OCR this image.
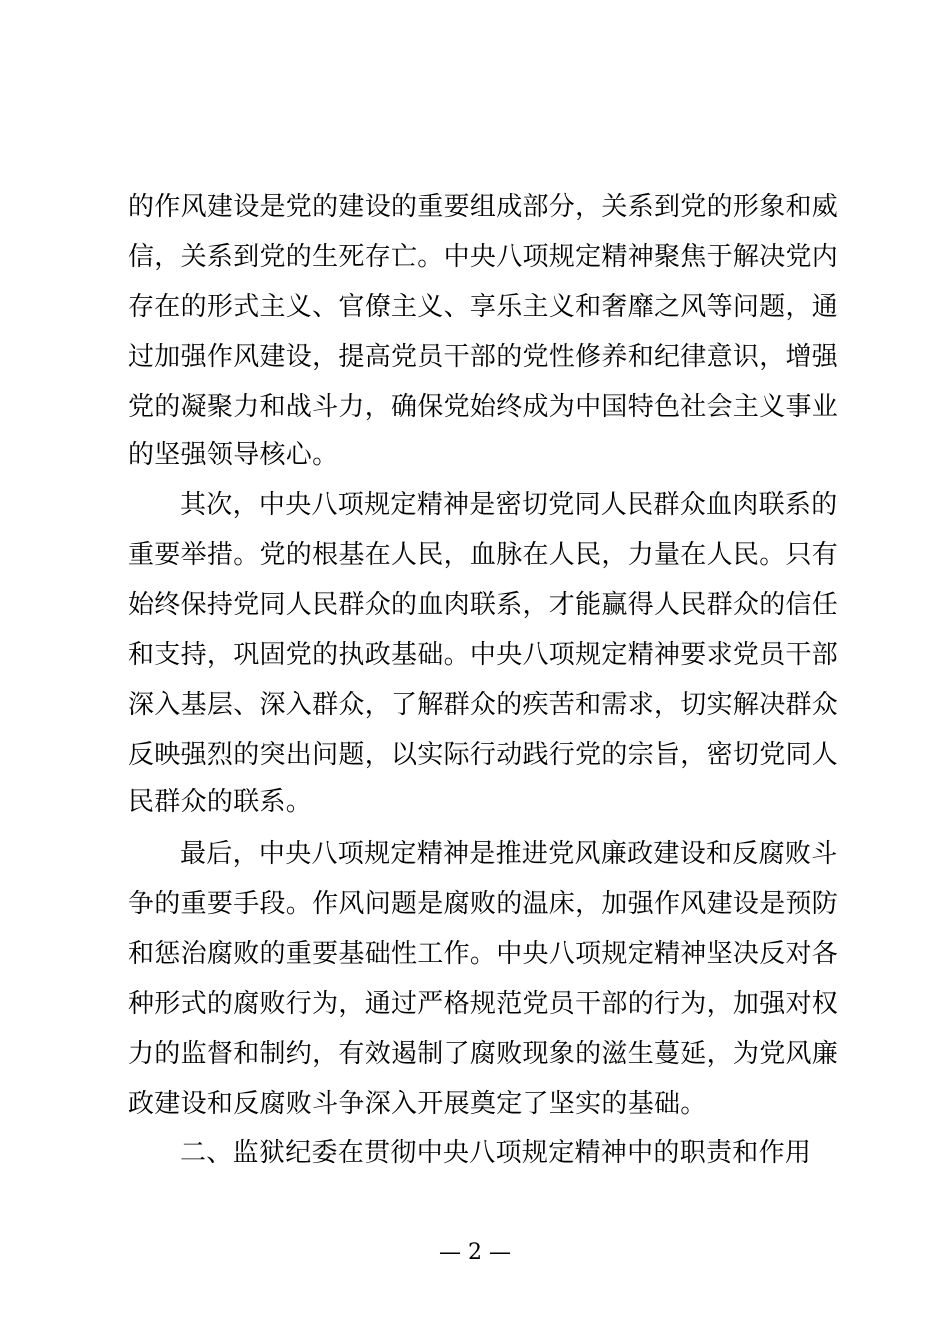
的作风建设是党的建设的重要组成部分，关系到党的形象和威
信，关系到党的生死存亡。中央八项规定精神聚焦于解决党内
存在的形式主义、官僚主义、享乐主义和奢靡之风等问题，通
过加强作风建设，提高党员干部的党性修养和纪律意识，增强
党的凝聚力和战斗力，确保党始终成为中国特色社会主义事业
的坚强领导核心。
其次，中央八项规定精神是密切党同人民群众血肉联系的
重要举措。党的根基在人民，血脉在人民，力量在人民。只有
始终保持党同人民群众的血肉联系，才能赢得人民群众的信任
和支持，巩固党的执政基础。中央八项规定精神要求党员干部
深入基层、深入群众，了解群众的疾苦和需求，切实解决群众
反映强烈的突出问题，以实际行动践行党的宗旨，密切党同人
民群众的联系。
最后，中央八项规定精神是推进党风廉政建设和反腐败斗
争的重要手段。作风问题是腐败的温床，加强作风建设是预防
和惩治腐败的重要基础性工作。中央八项规定精神坚决反对各
种形式的腐败行为，通过严格规范党员干部的行为，加强对权
力的监督和制约，有效遏制了腐败现象的滋生蔓延，为党风廉
政建设和反腐败斗争深入开展奠定了坚实的基础。
二、监狱纪委在贯彻中央八项规定精神中的职责和作用
— 2 —
